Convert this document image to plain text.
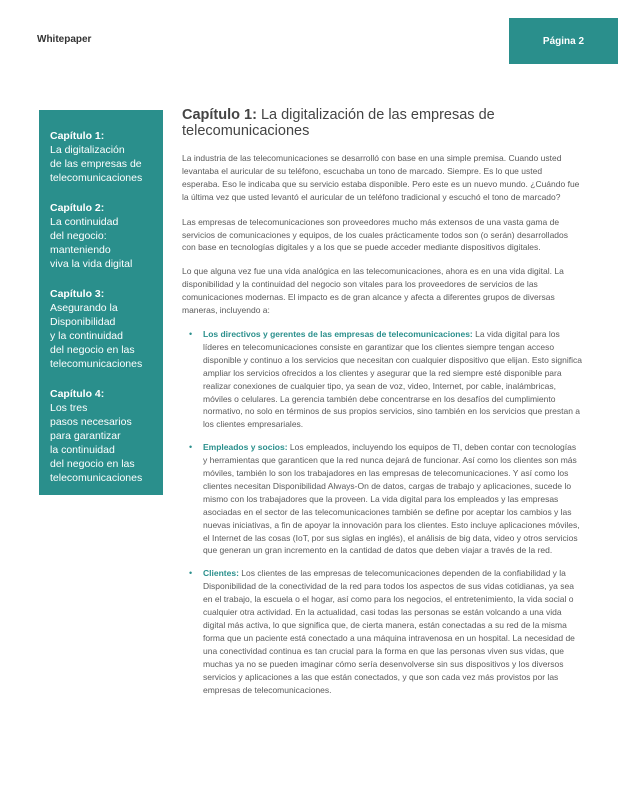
Whitepaper	Página 2
Capítulo 1:
La digitalización
de las empresas de
telecomunicaciones
Capítulo 2:
La continuidad
del negocio:
manteniendo
viva la vida digital
Capítulo 3:
Asegurando la
Disponibilidad
y la continuidad
del negocio en las
telecomunicaciones
Capítulo 4:
Los tres
pasos necesarios
para garantizar
la continuidad
del negocio en las
telecomunicaciones
Capítulo 1: La digitalización de las empresas de telecomunicaciones

La industria de las telecomunicaciones se desarrolló con base en una simple premisa. Cuando usted levantaba el auricular de su teléfono, escuchaba un tono de marcado. Siempre. Es lo que usted esperaba. Eso le indicaba que su servicio estaba disponible. Pero este es un nuevo mundo. ¿Cuándo fue la última vez que usted levantó el auricular de un teléfono tradicional y escuchó el tono de marcado?

Las empresas de telecomunicaciones son proveedores mucho más extensos de una vasta gama de servicios de comunicaciones y equipos, de los cuales prácticamente todos son (o serán) desarrollados con base en tecnologías digitales y a los que se puede acceder mediante dispositivos digitales.

Lo que alguna vez fue una vida analógica en las telecomunicaciones, ahora es en una vida digital. La disponibilidad y la continuidad del negocio son vitales para los proveedores de servicios de las comunicaciones modernas. El impacto es de gran alcance y afecta a diferentes grupos de diversas maneras, incluyendo a:

• Los directivos y gerentes de las empresas de telecomunicaciones: La vida digital para los líderes en telecomunicaciones consiste en garantizar que los clientes siempre tengan acceso disponible y continuo a los servicios que necesitan con cualquier dispositivo que elijan. Esto significa ampliar los servicios ofrecidos a los clientes y asegurar que la red siempre esté disponible para realizar conexiones de cualquier tipo, ya sean de voz, video, Internet, por cable, inalámbricas, móviles o celulares. La gerencia también debe concentrarse en los desafíos del cumplimiento normativo, no solo en términos de sus propios servicios, sino también en los servicios que prestan a los clientes empresariales.
• Empleados y socios: Los empleados, incluyendo los equipos de TI, deben contar con tecnologías y herramientas que garanticen que la red nunca dejará de funcionar. Así como los clientes son más móviles, también lo son los trabajadores en las empresas de telecomunicaciones. Y así como los clientes necesitan Disponibilidad Always-On de datos, cargas de trabajo y aplicaciones, sucede lo mismo con los trabajadores que la proveen. La vida digital para los empleados y las empresas asociadas en el sector de las telecomunicaciones también se define por aceptar los cambios y las nuevas iniciativas, a fin de apoyar la innovación para los clientes. Esto incluye aplicaciones móviles, el Internet de las cosas (IoT, por sus siglas en inglés), el análisis de big data, video y otros servicios que generan un gran incremento en la cantidad de datos que deben viajar a través de la red.
• Clientes: Los clientes de las empresas de telecomunicaciones dependen de la confiabilidad y la Disponibilidad de la conectividad de la red para todos los aspectos de sus vidas cotidianas, ya sea en el trabajo, la escuela o el hogar, así como para los negocios, el entretenimiento, la vida social o cualquier otra actividad. En la actualidad, casi todas las personas se están volcando a una vida digital más activa, lo que significa que, de cierta manera, están conectadas a su red de la misma forma que un paciente está conectado a una máquina intravenosa en un hospital. La necesidad de una conectividad continua es tan crucial para la forma en que las personas viven sus vidas, que muchas ya no se pueden imaginar cómo sería desenvolverse sin sus dispositivos y los diversos servicios y aplicaciones a las que están conectados, y que son cada vez más provistos por las empresas de telecomunicaciones.
